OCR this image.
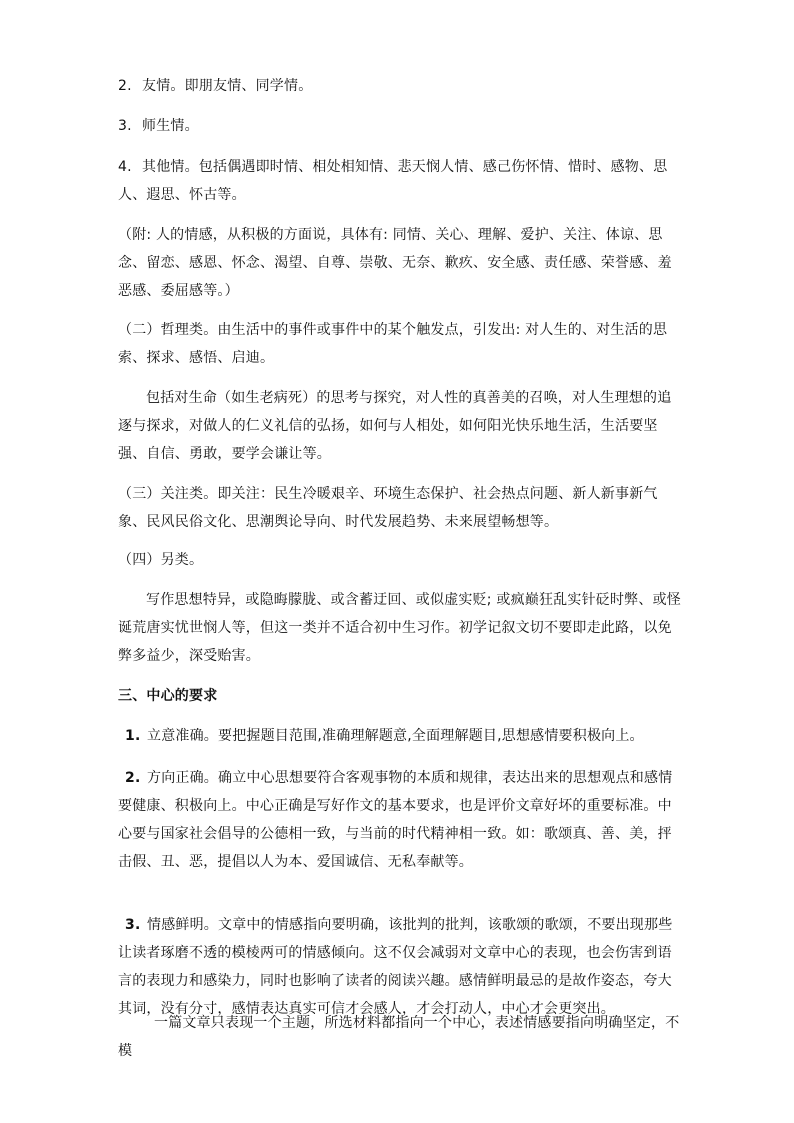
2. 友情。即朋友情、同学情。

3. 师生情。

4. 其他情。包括偶遇即时情、相处相知情、悲天悯人情、感己伤怀情、惜时、感物、思人、遐思、怀古等。

（附: 人的情感，从积极的方面说，具体有: 同情、关心、理解、爱护、关注、体谅、思念、留恋、感恩、怀念、渴望、自尊、崇敬、无奈、歉疚、安全感、责任感、荣誉感、羞恶感、委屈感等。）

（二）哲理类。由生活中的事件或事件中的某个触发点，引发出: 对人生的、对生活的思索、探求、感悟、启迪。

包括对生命（如生老病死）的思考与探究，对人性的真善美的召唤，对人生理想的追逐与探求，对做人的仁义礼信的弘扬，如何与人相处，如何阳光快乐地生活，生活要坚强、自信、勇敢，要学会谦让等。

（三）关注类。即关注：民生冷暖艰辛、环境生态保护、社会热点问题、新人新事新气象、民风民俗文化、思潮舆论导向、时代发展趋势、未来展望畅想等。

（四）另类。

写作思想特异，或隐晦朦胧、或含蓄迂回、或似虚实贬; 或疯巅狂乱实针砭时弊、或怪诞荒唐实忧世悯人等，但这一类并不适合初中生习作。初学记叙文切不要即走此路，以免弊多益少，深受贻害。

三、中心的要求

1. 立意准确。要把握题目范围,准确理解题意,全面理解题目,思想感情要积极向上。

2. 方向正确。确立中心思想要符合客观事物的本质和规律，表达出来的思想观点和感情要健康、积极向上。中心正确是写好作文的基本要求，也是评价文章好坏的重要标准。中心要与国家社会倡导的公德相一致，与当前的时代精神相一致。如：歌颂真、善、美，抨击假、丑、恶，提倡以人为本、爱国诚信、无私奉献等。

3. 情感鲜明。文章中的情感指向要明确，该批判的批判，该歌颂的歌颂，不要出现那些让读者琢磨不透的模棱两可的情感倾向。这不仅会减弱对文章中心的表现，也会伤害到语言的表现力和感染力，同时也影响了读者的阅读兴趣。感情鲜明最忌的是故作姿态，夸大其词，没有分寸，感情表达真实可信才会感人，才会打动人，中心才会更突出。

一篇文章只表现一个主题，所选材料都指向一个中心，表述情感要指向明确坚定，不模
